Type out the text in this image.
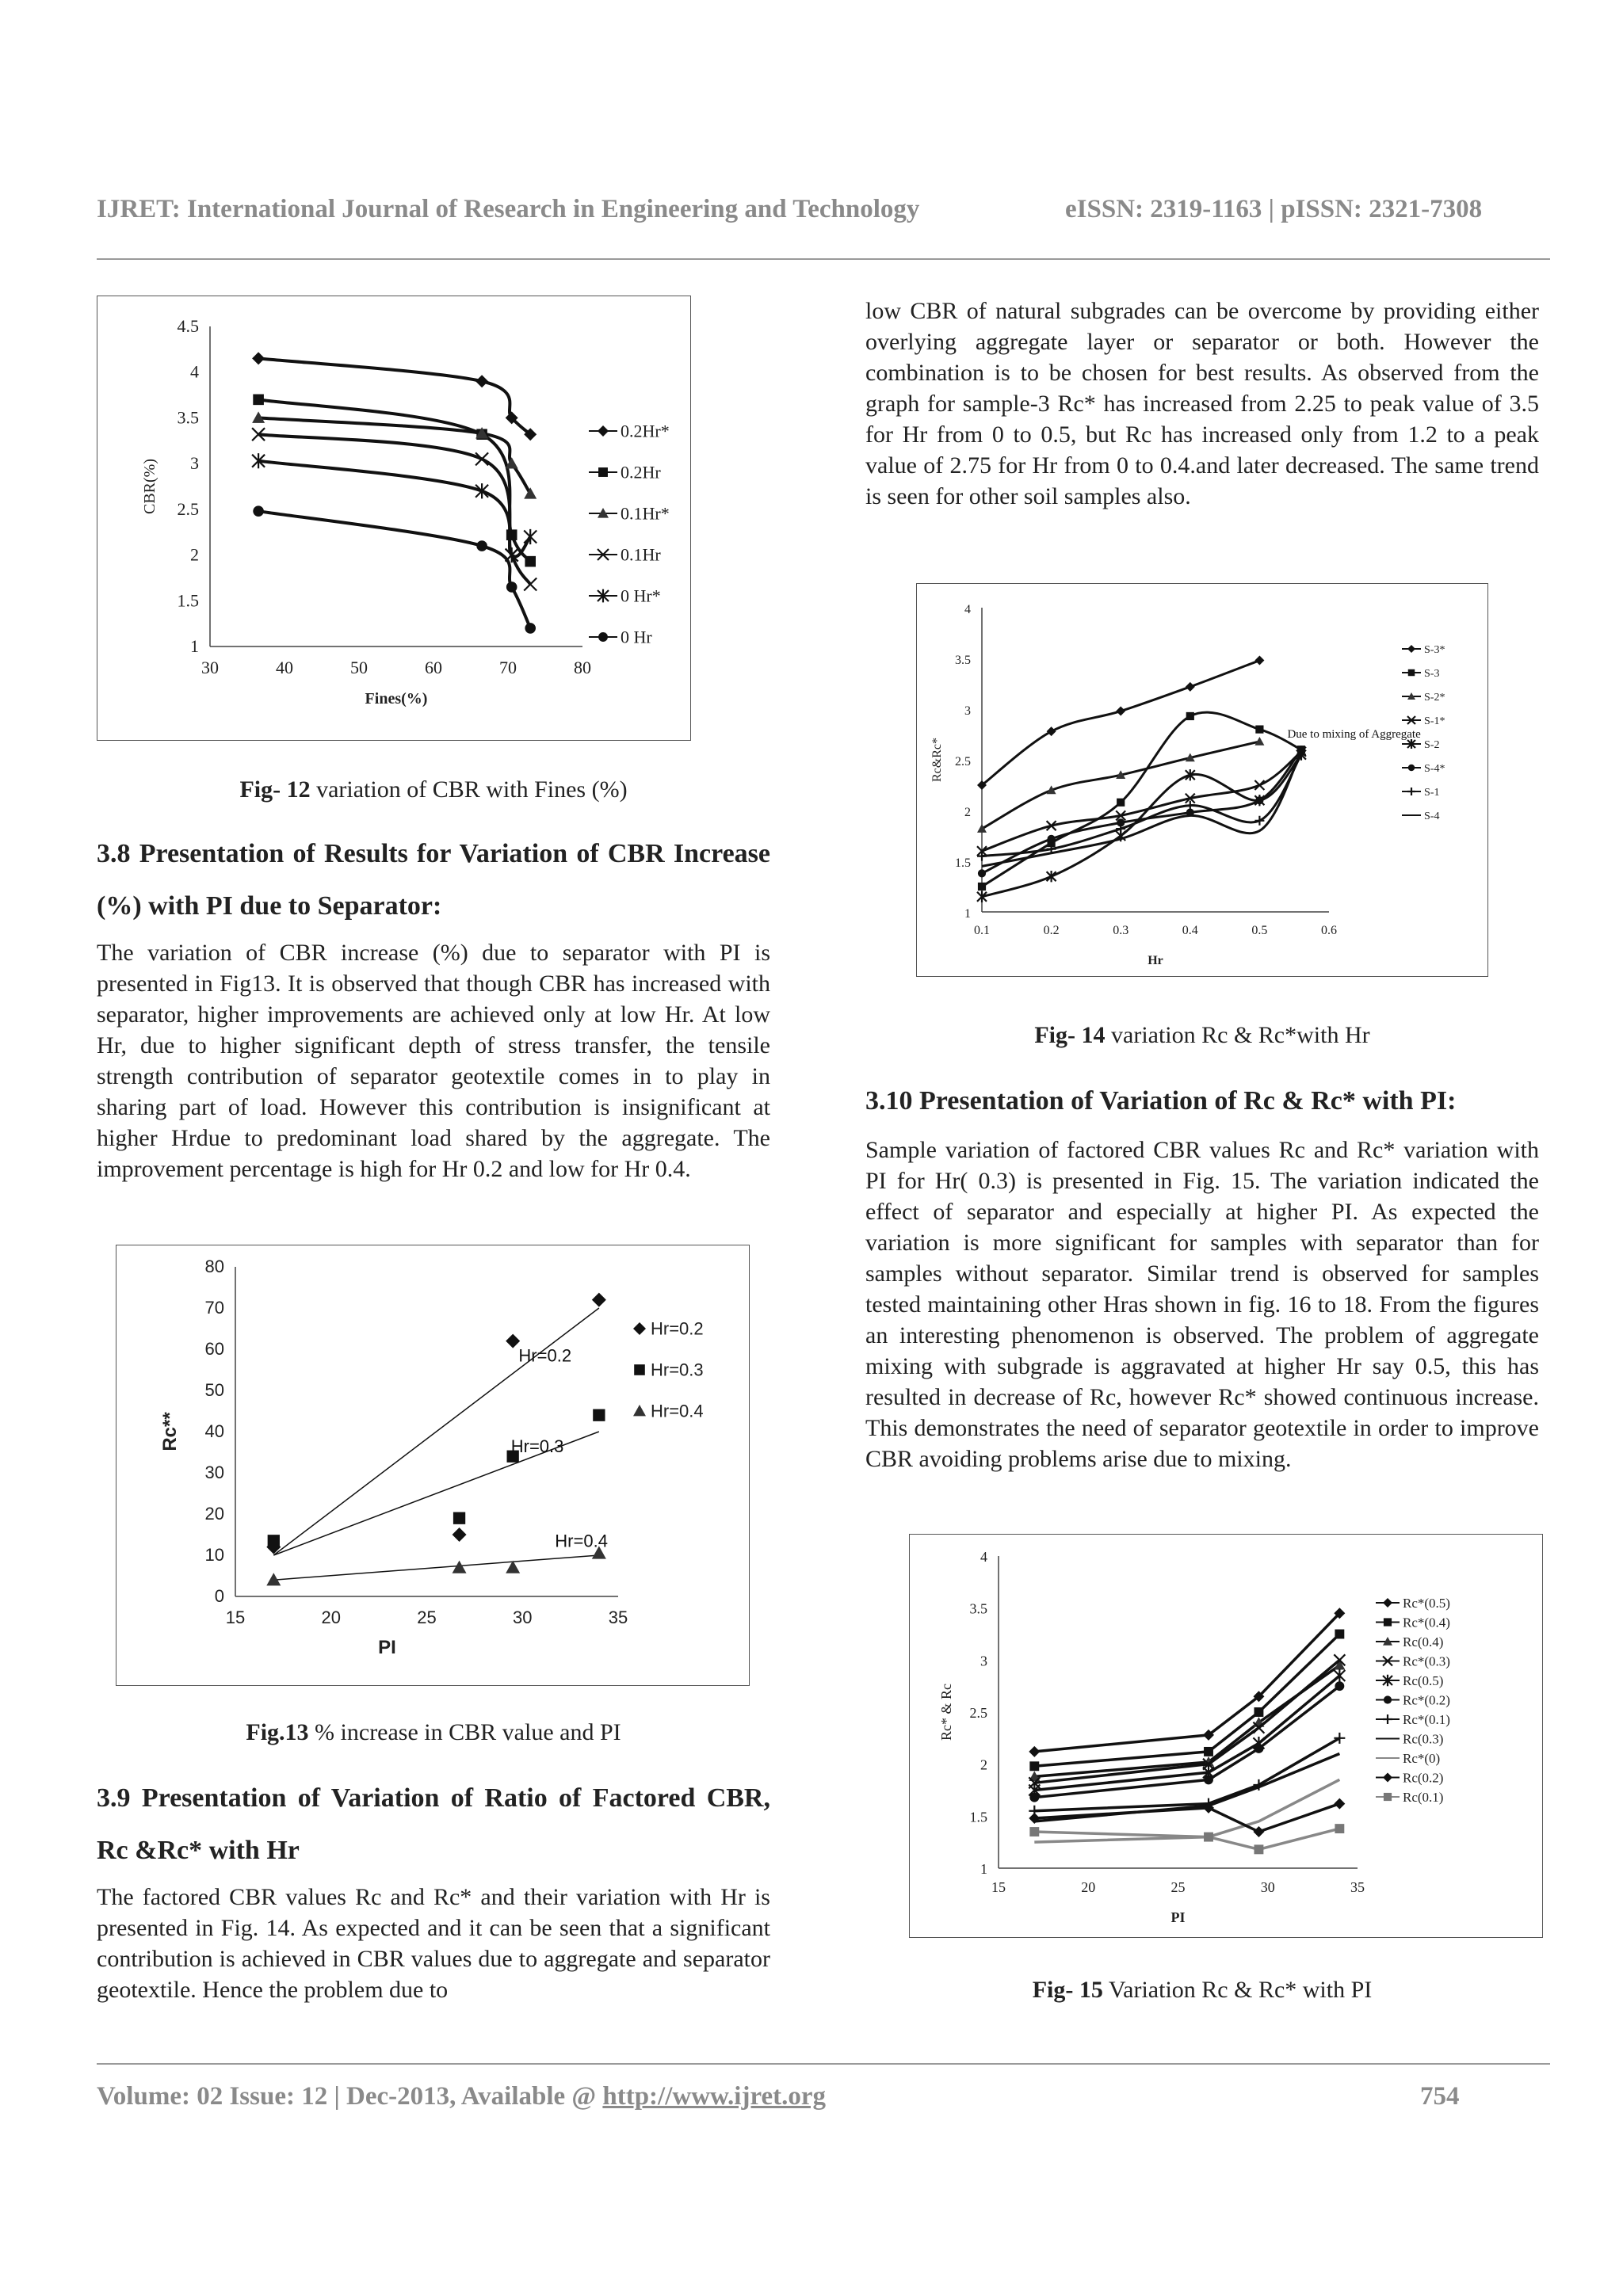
IJRET: International Journal of Research in Engineering and Technology	eISSN: 2319-1163 | pISSN: 2321-7308
1
1.5
2
2.5
3
3.5
4
4.5
30	40	50	60	70	80
Fines(%)
CBR(%)
0.2Hr*
0.2Hr
0.1Hr*
0.1Hr
0 Hr*
0 Hr
Fig- 12 variation of CBR with Fines (%)
3.8 Presentation of Results for Variation of CBR Increase (%) with PI due to Separator:
The variation of CBR increase (%) due to separator with PI is presented in Fig13. It is observed that though CBR has increased with separator, higher improvements are achieved only at low Hr. At low Hr, due to higher significant depth of stress transfer, the tensile strength contribution of separator geotextile comes in to play in sharing part of load. However this contribution is insignificant at higher Hrdue to predominant load shared by the aggregate. The improvement percentage is high for Hr 0.2 and low for Hr 0.4.
0
10
20
30
40
50
60
70
80
15	20	25	30	35
PI
Rc**
Hr=0.2
Hr=0.3
Hr=0.4
Hr=0.2
Hr=0.3
Hr=0.4
Fig.13 % increase in CBR value and PI
3.9 Presentation of Variation of Ratio of Factored CBR, Rc &Rc* with Hr
The factored CBR values Rc and Rc* and their variation with Hr is presented in Fig. 14. As expected and it can be seen that a significant contribution is achieved in CBR values due to aggregate and separator geotextile. Hence the problem due to
low CBR of natural subgrades can be overcome by providing either overlying aggregate layer or separator or both. However the combination is to be chosen for best results. As observed from the graph for sample-3 Rc* has increased from 2.25 to peak value of 3.5 for Hr from 0 to 0.5, but Rc has increased only from 1.2 to a peak value of 2.75 for Hr from 0 to 0.4.and later decreased. The same trend is seen for other soil samples also.
1
1.5
2
2.5
3
3.5
4
0.1	0.2	0.3	0.4	0.5	0.6
Hr
Rc&Rc*
S-3*
S-3
S-2*
S-1*
S-2
S-4*
S-1
S-4
Due to mixing of Aggregate
Fig- 14 variation Rc & Rc*with Hr
3.10 Presentation of Variation of Rc & Rc* with PI:
Sample variation of factored CBR values Rc and Rc* variation with PI for Hr( 0.3) is presented in Fig. 15. The variation indicated the effect of separator and especially at higher PI. As expected the variation is more significant for samples with separator than for samples without separator. Similar trend is observed for samples tested maintaining other Hras shown in fig. 16 to 18. From the figures an interesting phenomenon is observed. The problem of aggregate mixing with subgrade is aggravated at higher Hr say 0.5, this has resulted in decrease of Rc, however Rc* showed continuous increase. This demonstrates the need of separator geotextile in order to improve CBR avoiding problems arise due to mixing.
1
1.5
2
2.5
3
3.5
4
15	20	25	30	35
PI
Rc* & Rc
Rc*(0.5)
Rc*(0.4)
Rc(0.4)
Rc*(0.3)
Rc(0.5)
Rc*(0.2)
Rc*(0.1)
Rc(0.3)
Rc*(0)
Rc(0.2)
Rc(0.1)
Fig- 15 Variation Rc & Rc* with PI
Volume: 02 Issue: 12 | Dec-2013, Available @ http://www.ijret.org	754
